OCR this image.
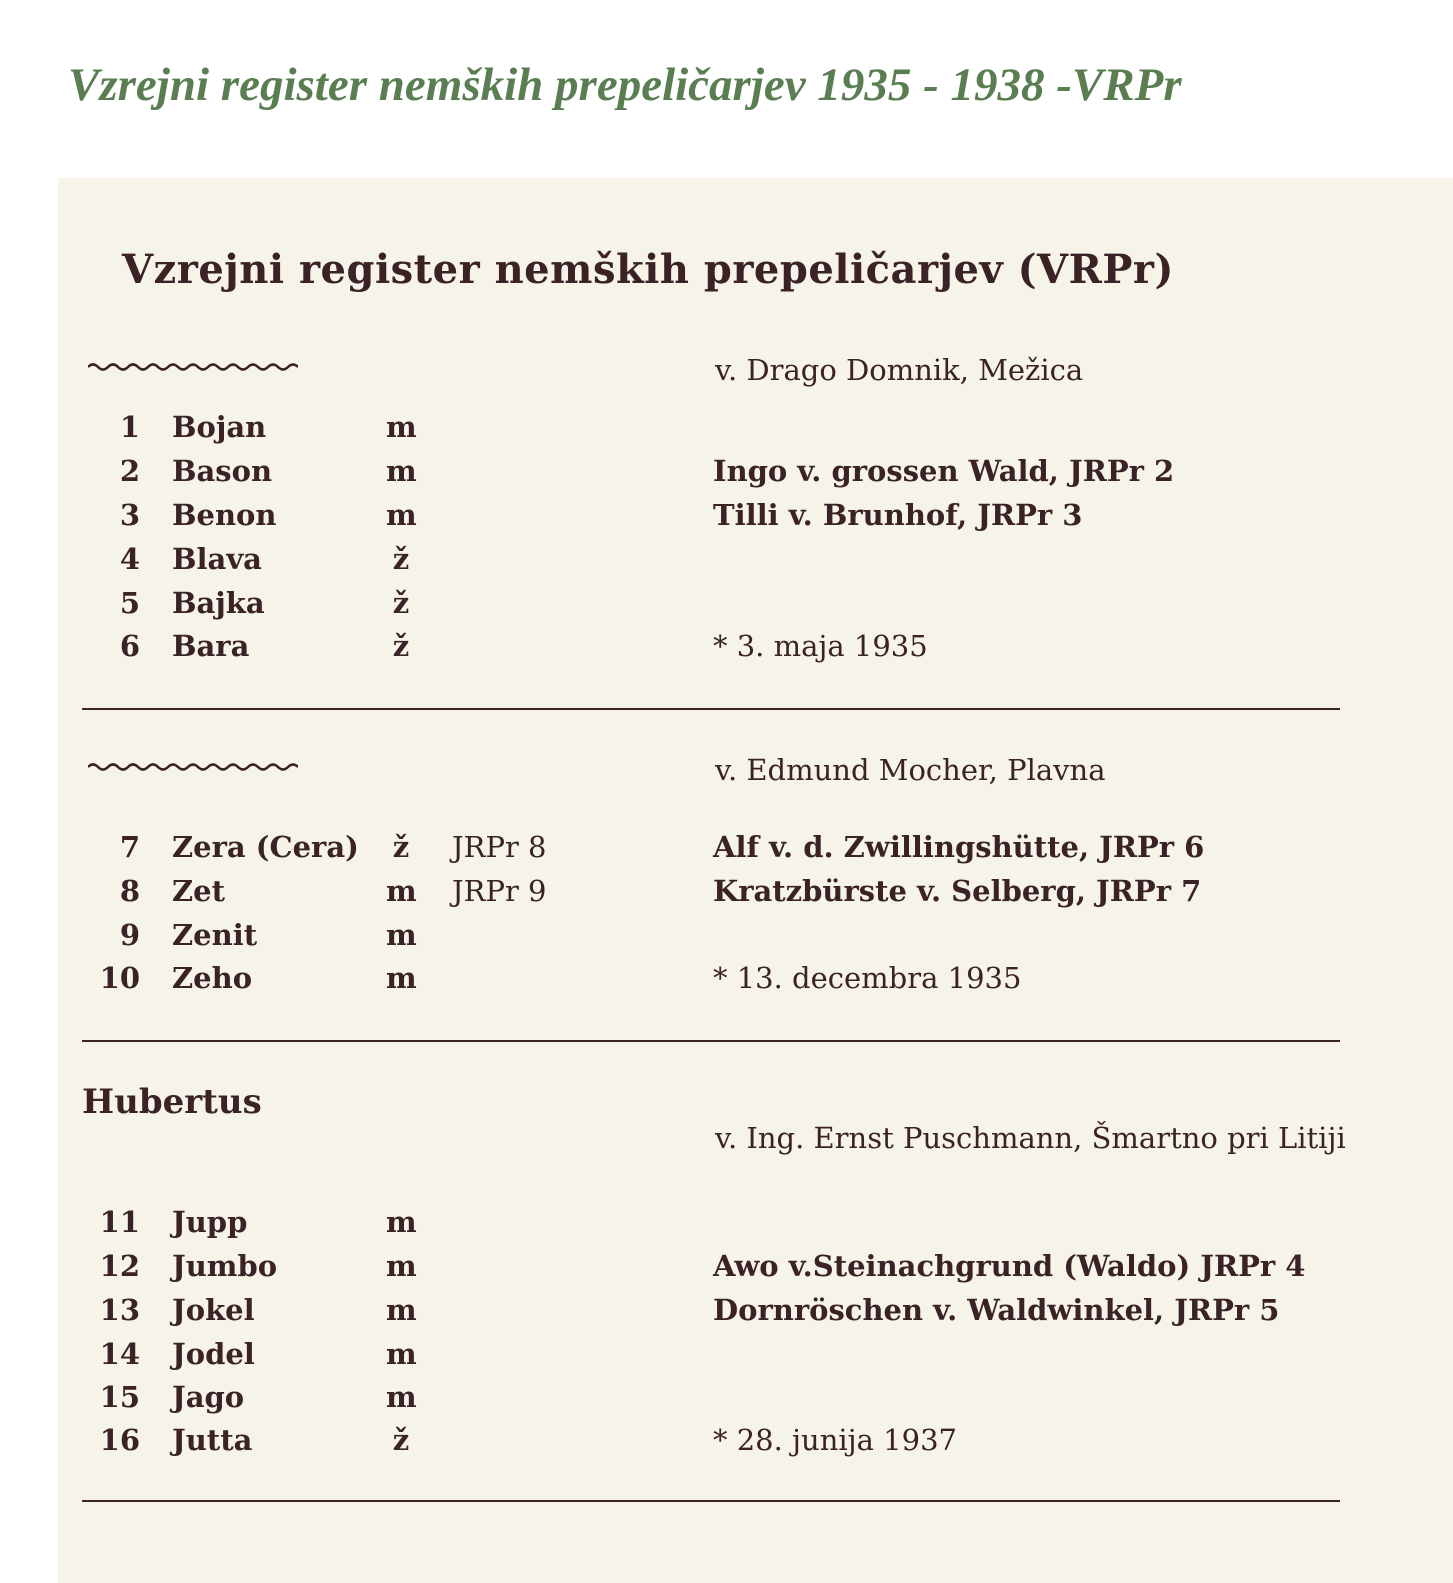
Vzrejni register nemških prepeličarjev 1935 - 1938 -VRPr
Vzrejni register nemških prepeličarjev (VRPr)
v. Drago Domnik, Mežica
1 Bojan	m
2 Bason	m	Ingo v. grossen Wald, JRPr 2
3 Benon	m	Tilli v. Brunhof, JRPr 3
4 Blava	ž
5 Bajka	ž
6 Bara	ž	* 3. maja 1935
v. Edmund Mocher, Plavna
7 Zera (Cera) ž JRPr 8	Alf v. d. Zwillingshütte, JRPr 6
8 Zet	m JRPr 9	Kratzbürste v. Selberg, JRPr 7
9 Zenit	m
10 Zeho	m	* 13. decembra 1935
Hubertus
v. Ing. Ernst Puschmann, Šmartno pri Litiji
11 Jupp	m
12 Jumbo	m	Awo v.Steinachgrund (Waldo) JRPr 4
13 Jokel	m	Dornröschen v. Waldwinkel, JRPr 5
14 Jodel	m
15 Jago	m
16 Jutta	ž	* 28. junija 1937
